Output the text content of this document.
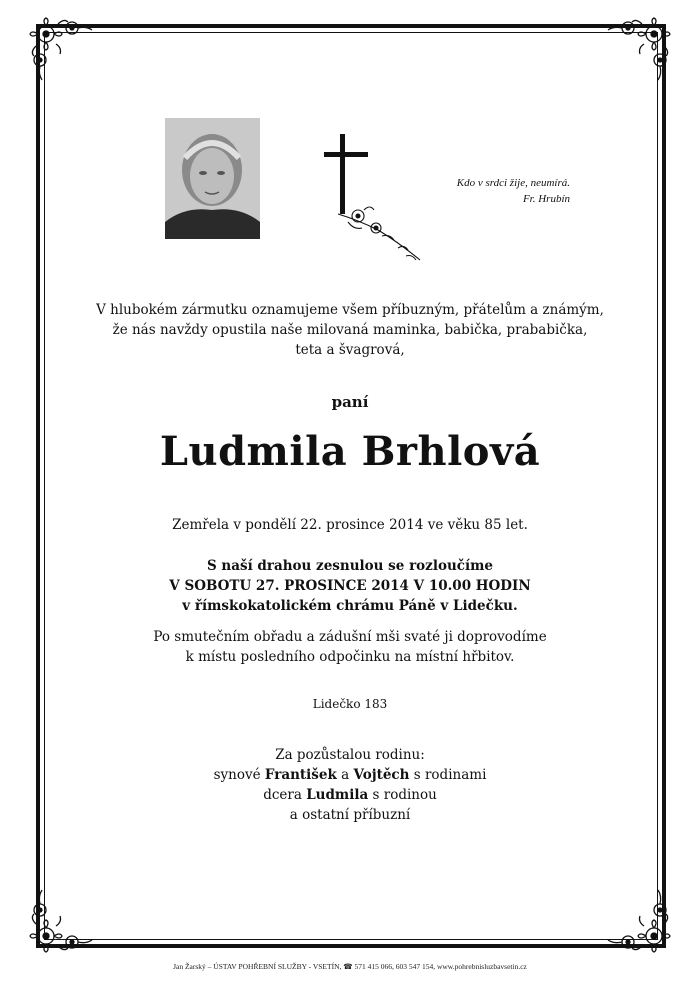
Kdo v srdci žije, neumírá.
Fr. Hrubín
V hlubokém zármutku oznamujeme všem příbuzným, přátelům a známým,
že nás navždy opustila naše milovaná maminka, babička, prababička,
teta a švagrová,
paní
Ludmila Brhlová
Zemřela v pondělí 22. prosince 2014 ve věku 85 let.
S naší drahou zesnulou se rozloučíme
V SOBOTU 27. PROSINCE 2014 V 10.00 HODIN
v římskokatolickém chrámu Páně v Lidečku.
Po smutečním obřadu a zádušní mši svaté ji doprovodíme
k místu posledního odpočinku na místní hřbitov.
Lidečko 183
Za pozůstalou rodinu:
synové František a Vojtěch s rodinami
dcera Ludmila s rodinou
a ostatní příbuzní
Jan Žarský – ÚSTAV POHŘEBNÍ SLUŽBY - VSETÍN, ☎ 571 415 066, 603 547 154, www.pohrebnisluzbavsetin.cz
